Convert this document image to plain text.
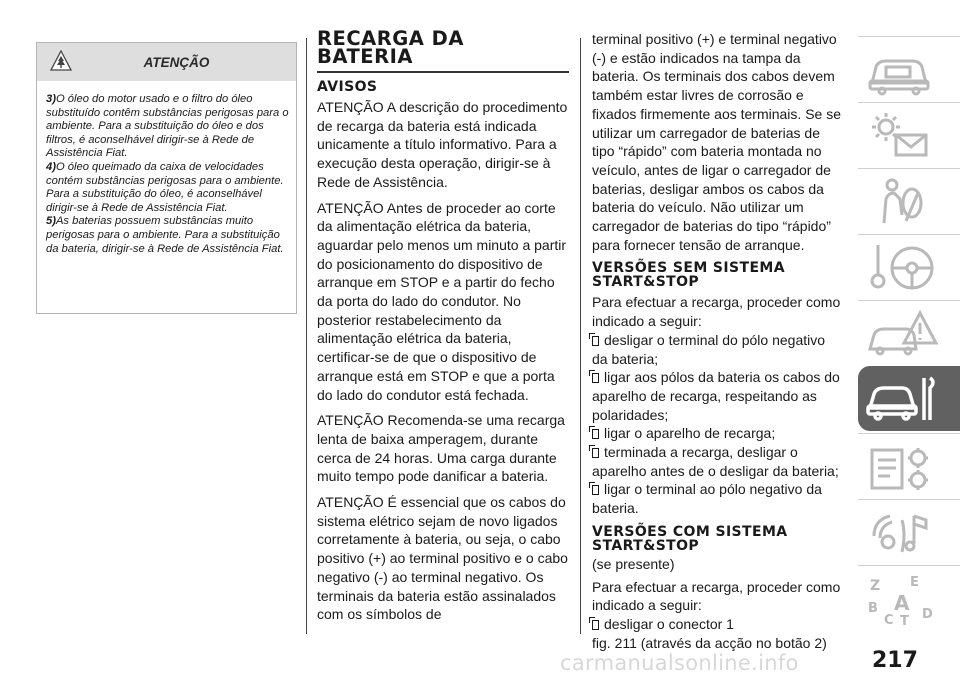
ATENÇÃO

3)O óleo do motor usado e o filtro do óleo substituído contêm substâncias perigosas para o ambiente. Para a substituição do óleo e dos filtros, é aconselhável dirigir-se à Rede de Assistência Fiat.

4)O óleo queimado da caixa de velocidades contém substâncias perigosas para o ambiente. Para a substituição do óleo, é aconselhável dirigir-se à Rede de Assistência Fiat.

5)As baterias possuem substâncias muito perigosas para o ambiente. Para a substituição da bateria, dirigir-se à Rede de Assistência Fiat.

RECARGA DA
BATERIA
AVISOS

ATENÇÃO A descrição do procedimento de recarga da bateria está indicada unicamente a título informativo. Para a execução desta operação, dirigir-se à Rede de Assistência.

ATENÇÃO Antes de proceder ao corte da alimentação elétrica da bateria, aguardar pelo menos um minuto a partir do posicionamento do dispositivo de arranque em STOP e a partir do fecho da porta do lado do condutor. No posterior restabelecimento da alimentação elétrica da bateria, certificar-se de que o dispositivo de arranque está em STOP e que a porta do lado do condutor está fechada.

ATENÇÃO Recomenda-se uma recarga lenta de baixa amperagem, durante cerca de 24 horas. Uma carga durante muito tempo pode danificar a bateria.

ATENÇÃO É essencial que os cabos do sistema elétrico sejam de novo ligados corretamente à bateria, ou seja, o cabo positivo (+) ao terminal positivo e o cabo negativo (-) ao terminal negativo. Os terminais da bateria estão assinalados com os símbolos de

terminal positivo (+) e terminal negativo (-) e estão indicados na tampa da bateria. Os terminais dos cabos devem também estar livres de corrosão e fixados firmemente aos terminais. Se se utilizar um carregador de baterias de tipo “rápido” com bateria montada no veículo, antes de ligar o carregador de baterias, desligar ambos os cabos da bateria do veículo. Não utilizar um carregador de baterias do tipo “rápido” para fornecer tensão de arranque.

VERSÕES SEM SISTEMA
START&STOP

Para efectuar a recarga, proceder como indicado a seguir:

desligar o terminal do pólo negativo da bateria;

ligar aos pólos da bateria os cabos do aparelho de recarga, respeitando as polaridades;

ligar o aparelho de recarga;

terminada a recarga, desligar o aparelho antes de o desligar da bateria;

ligar o terminal ao pólo negativo da bateria.

VERSÕES COM SISTEMA
START&STOP

(se presente)

Para efectuar a recarga, proceder como indicado a seguir:

desligar o conector 1

fig. 211 (através da acção no botão 2)

Z E
B A
C T D
carmanualsonline.info	217
